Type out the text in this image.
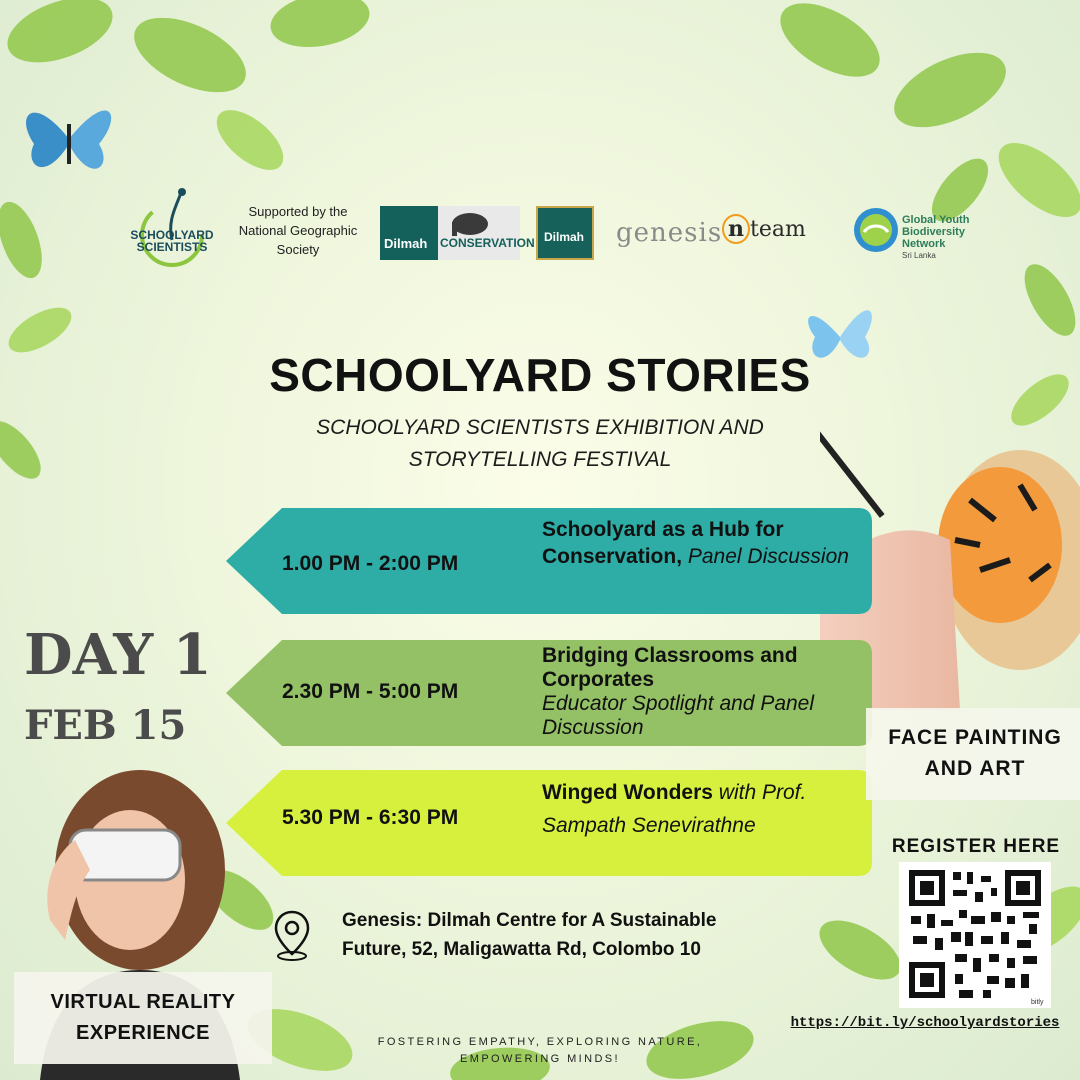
SCHOOLYARD SCIENTISTS
Supported by the National Geographic Society	Dilmah CONSERVATION Dilmah genesis n team	Global Youth
Biodiversity
Network
Sri Lanka
SCHOOLYARD STORIES
SCHOOLYARD SCIENTISTS EXHIBITION AND STORYTELLING FESTIVAL
1.00 PM - 2:00 PM
Schoolyard as a Hub for Conservation, Panel Discussion
2.30 PM - 5:00 PM
Bridging Classrooms and Corporates
Educator Spotlight and Panel Discussion
5.30 PM - 6:30 PM
Winged Wonders with Prof. Sampath Senevirathne
DAY 1
FEB 15	FACE PAINTING
AND ART
REGISTER HERE
bitly
https://bit.ly/schoolyardstories
Genesis: Dilmah Centre for A Sustainable
Future, 52, Maligawatta Rd, Colombo 10
VIRTUAL REALITY
EXPERIENCE	FOSTERING EMPATHY, EXPLORING NATURE,
EMPOWERING MINDS!
